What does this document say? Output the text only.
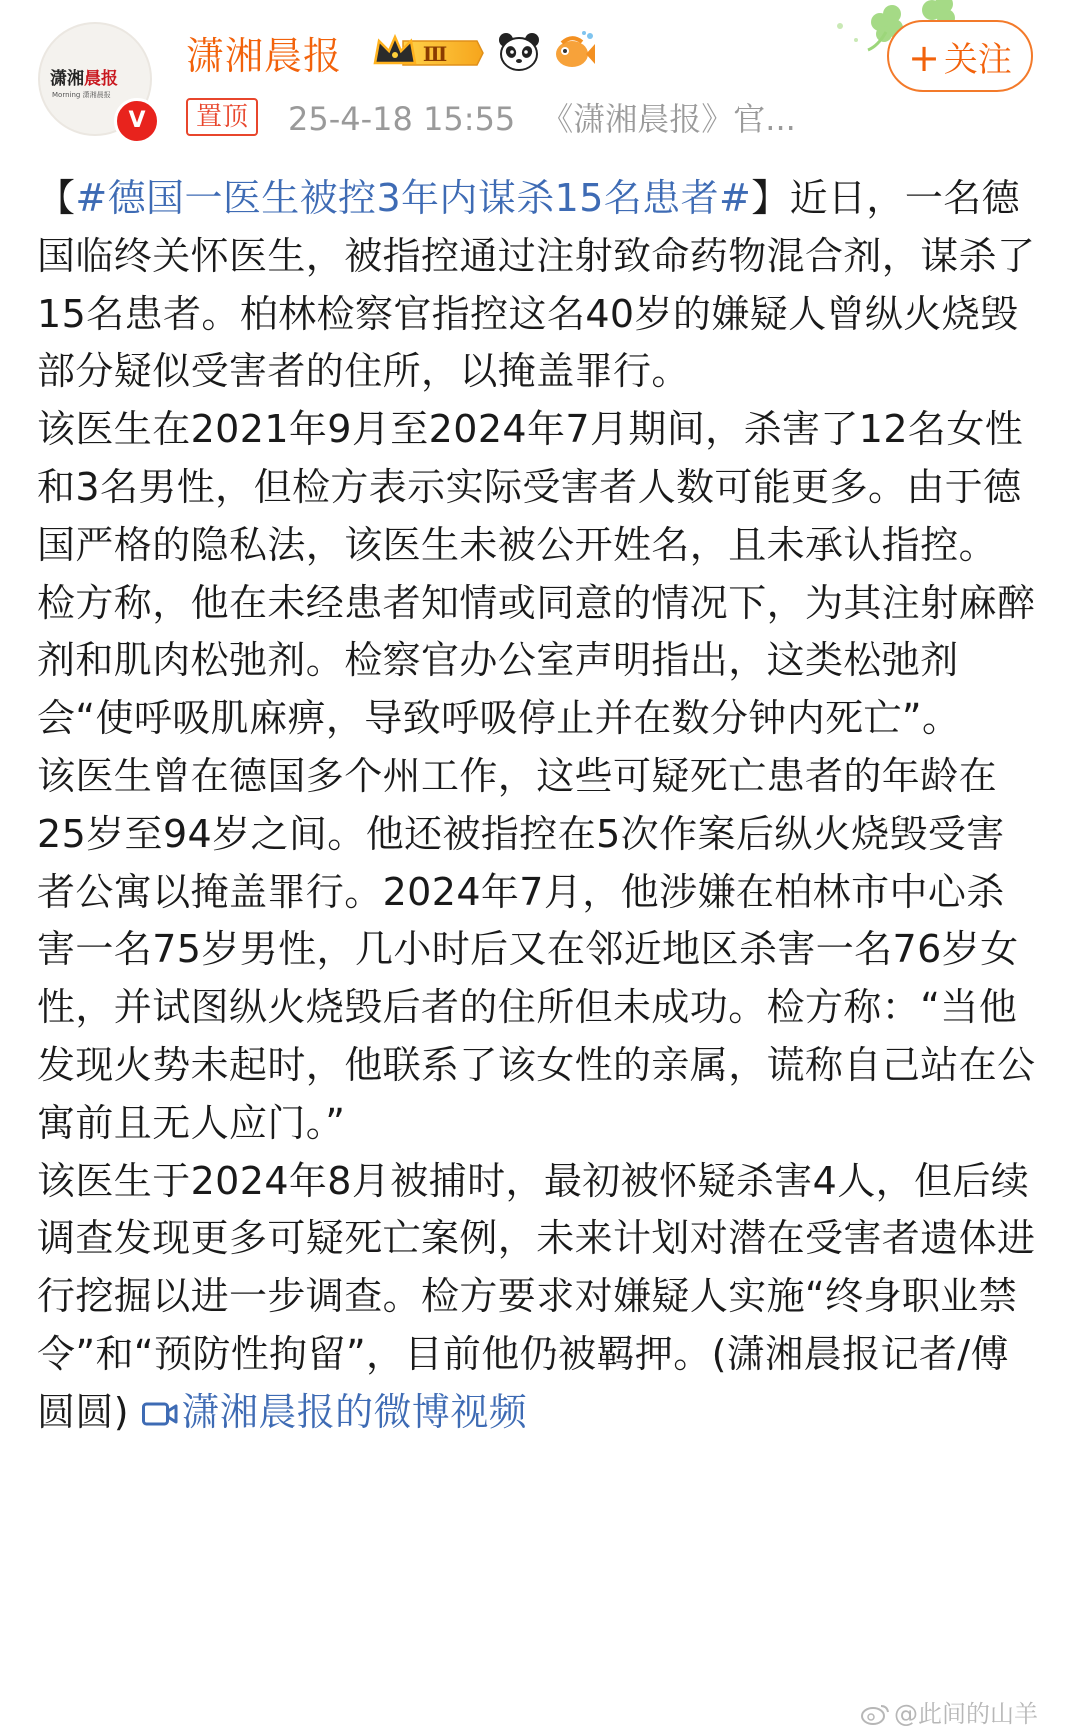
潇湘晨报
Morning 潇湘晨报
V
潇湘晨报	Ⅲ
置顶	25-4-18 15:55 《潇湘晨报》官...
+ 关注

【#德国一医生被控3年内谋杀15名患者#】近日，一名德国临终关怀医生，被指控通过注射致命药物混合剂，谋杀了15名患者。柏林检察官指控这名40岁的嫌疑人曾纵火烧毁部分疑似受害者的住所，以掩盖罪行。

该医生在2021年9月至2024年7月期间，杀害了12名女性和3名男性，但检方表示实际受害者人数可能更多。由于德国严格的隐私法，该医生未被公开姓名，且未承认指控。

检方称，他在未经患者知情或同意的情况下，为其注射麻醉剂和肌肉松弛剂。检察官办公室声明指出，这类松弛剂会“使呼吸肌麻痹，导致呼吸停止并在数分钟内死亡”。

该医生曾在德国多个州工作，这些可疑死亡患者的年龄在25岁至94岁之间。他还被指控在5次作案后纵火烧毁受害者公寓以掩盖罪行。2024年7月，他涉嫌在柏林市中心杀害一名75岁男性，几小时后又在邻近地区杀害一名76岁女性，并试图纵火烧毁后者的住所但未成功。检方称：“当他发现火势未起时，他联系了该女性的亲属，谎称自己站在公寓前且无人应门。”

该医生于2024年8月被捕时，最初被怀疑杀害4人，但后续调查发现更多可疑死亡案例，未来计划对潜在受害者遗体进行挖掘以进一步调查。检方要求对嫌疑人实施“终身职业禁令”和“预防性拘留”，目前他仍被羁押。(潇湘晨报记者/傅圆圆) 潇湘晨报的微博视频

@此间的山羊
